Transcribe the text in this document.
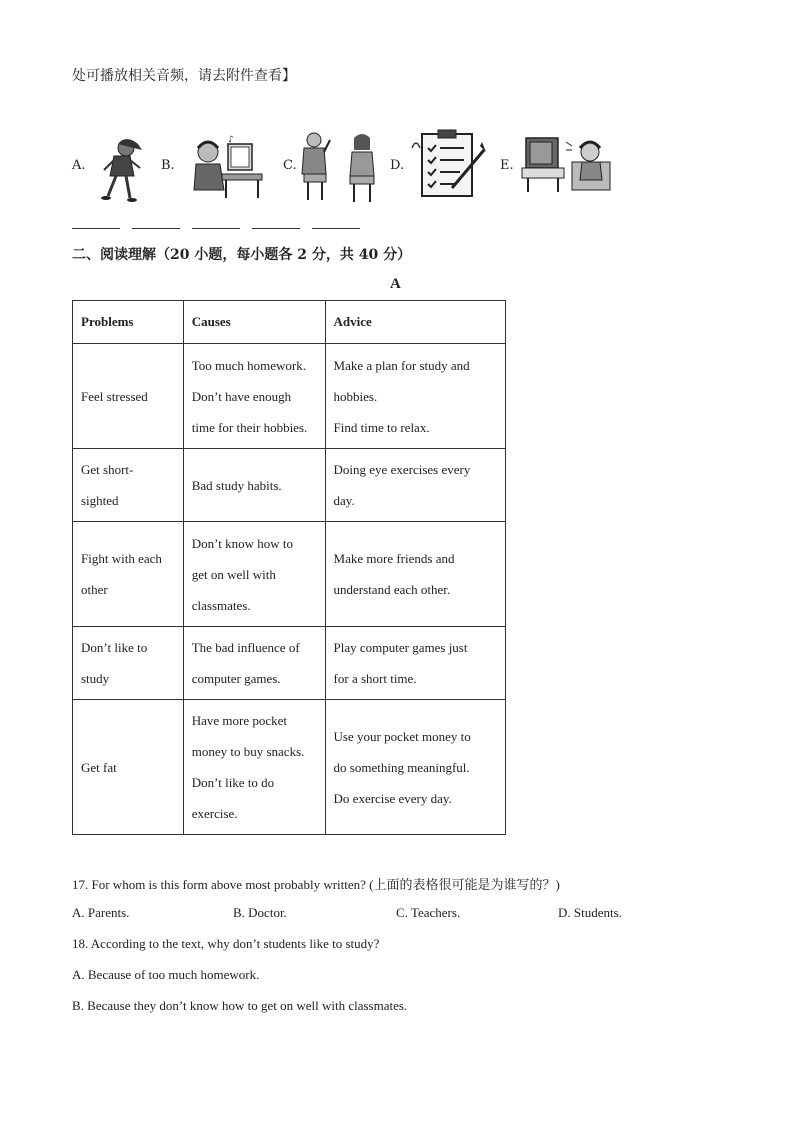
处可播放相关音频，请去附件查看】
A.	B.
♪
C.	D.	E.
二、阅读理解（20 小题，每小题各 2 分，共 40 分）
A
Problems	Causes	Advice

Feel stressed	Too much homework.
Don’t have enough
time for their hobbies.	Make a plan for study and
hobbies.
Find time to relax.

Get short-
sighted	Bad study habits.	Doing eye exercises every
day.

Fight with each
other	Don’t know how to
get on well with
classmates.	Make more friends and
understand each other.

Don’t like to
study	The bad influence of
computer games.	Play computer games just
for a short time.

Get fat	Have more pocket
money to buy snacks.
Don’t like to do
exercise.	Use your pocket money to
do something meaningful.
Do exercise every day.
17. For whom is this form above most probably written? (上面的表格很可能是为谁写的？)
A. Parents.	B. Doctor.	C. Teachers.	D. Students.
18. According to the text, why don’t students like to study?
A. Because of too much homework.
B. Because they don’t know how to get on well with classmates.
